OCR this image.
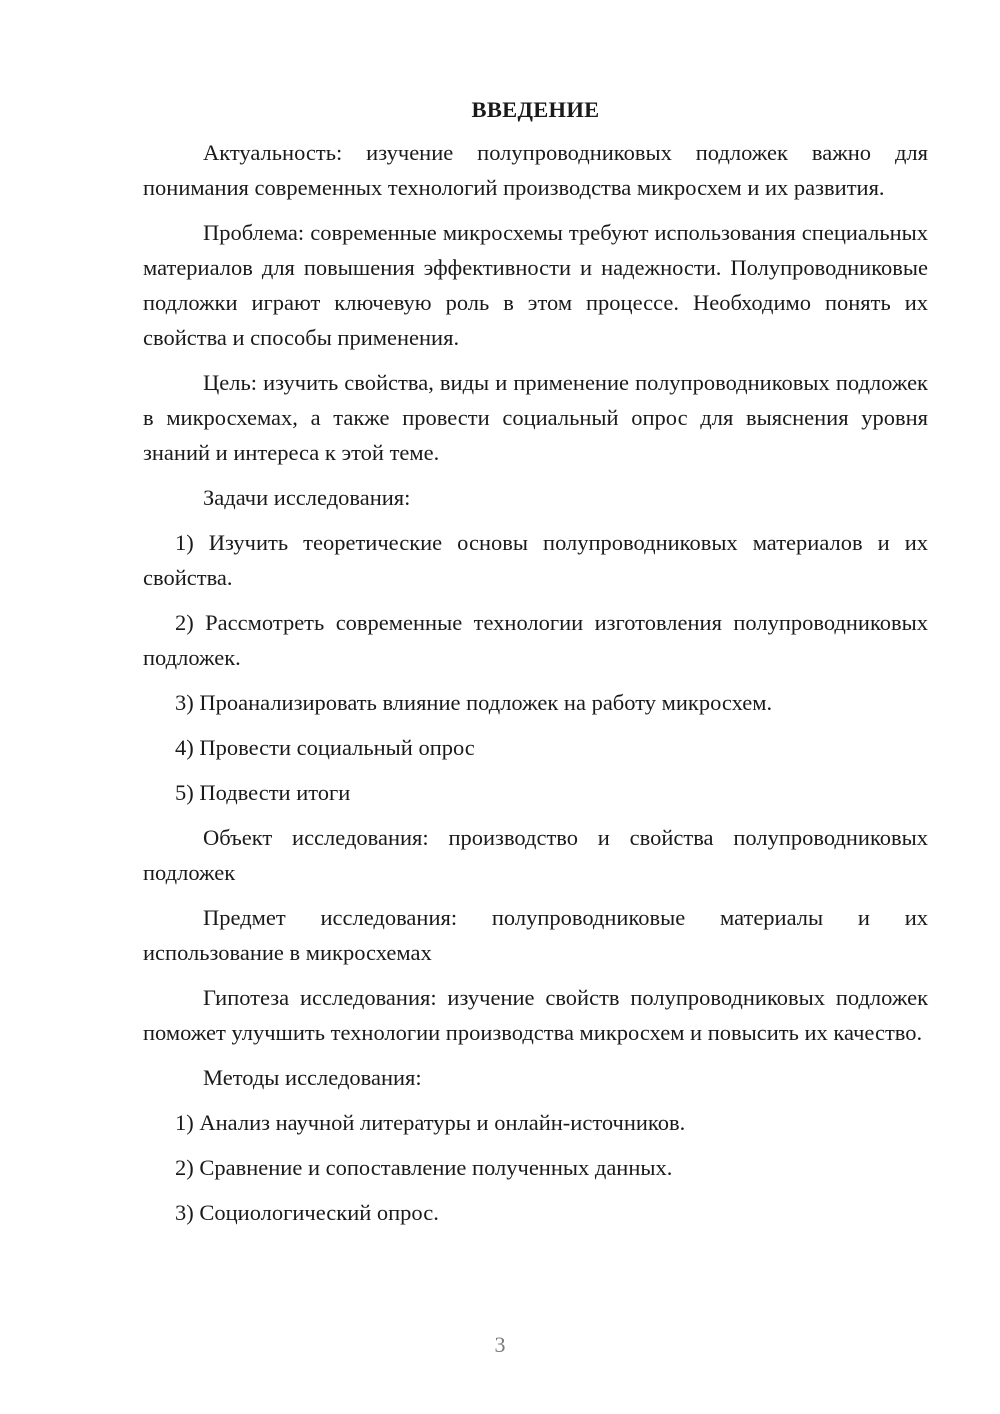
ВВЕДЕНИЕ

Актуальность: изучение полупроводниковых подложек важно для понимания современных технологий производства микросхем и их развития.

Проблема: современные микросхемы требуют использования специальных материалов для повышения эффективности и надежности. Полупроводниковые подложки играют ключевую роль в этом процессе. Необходимо понять их свойства и способы применения.

Цель: изучить свойства, виды и применение полупроводниковых подложек в микросхемах, а также провести социальный опрос для выяснения уровня знаний и интереса к этой теме.

Задачи исследования:

1) Изучить теоретические основы полупроводниковых материалов и их свойства.

2) Рассмотреть современные технологии изготовления полупроводниковых подложек.

3) Проанализировать влияние подложек на работу микросхем.

4) Провести социальный опрос

5) Подвести итоги

Объект исследования: производство и свойства полупроводниковых подложек

Предмет исследования: полупроводниковые материалы и их использование в микросхемах

Гипотеза исследования: изучение свойств полупроводниковых подложек поможет улучшить технологии производства микросхем и повысить их качество.

Методы исследования:

1) Анализ научной литературы и онлайн-источников.

2) Сравнение и сопоставление полученных данных.

3) Социологический опрос.

3
